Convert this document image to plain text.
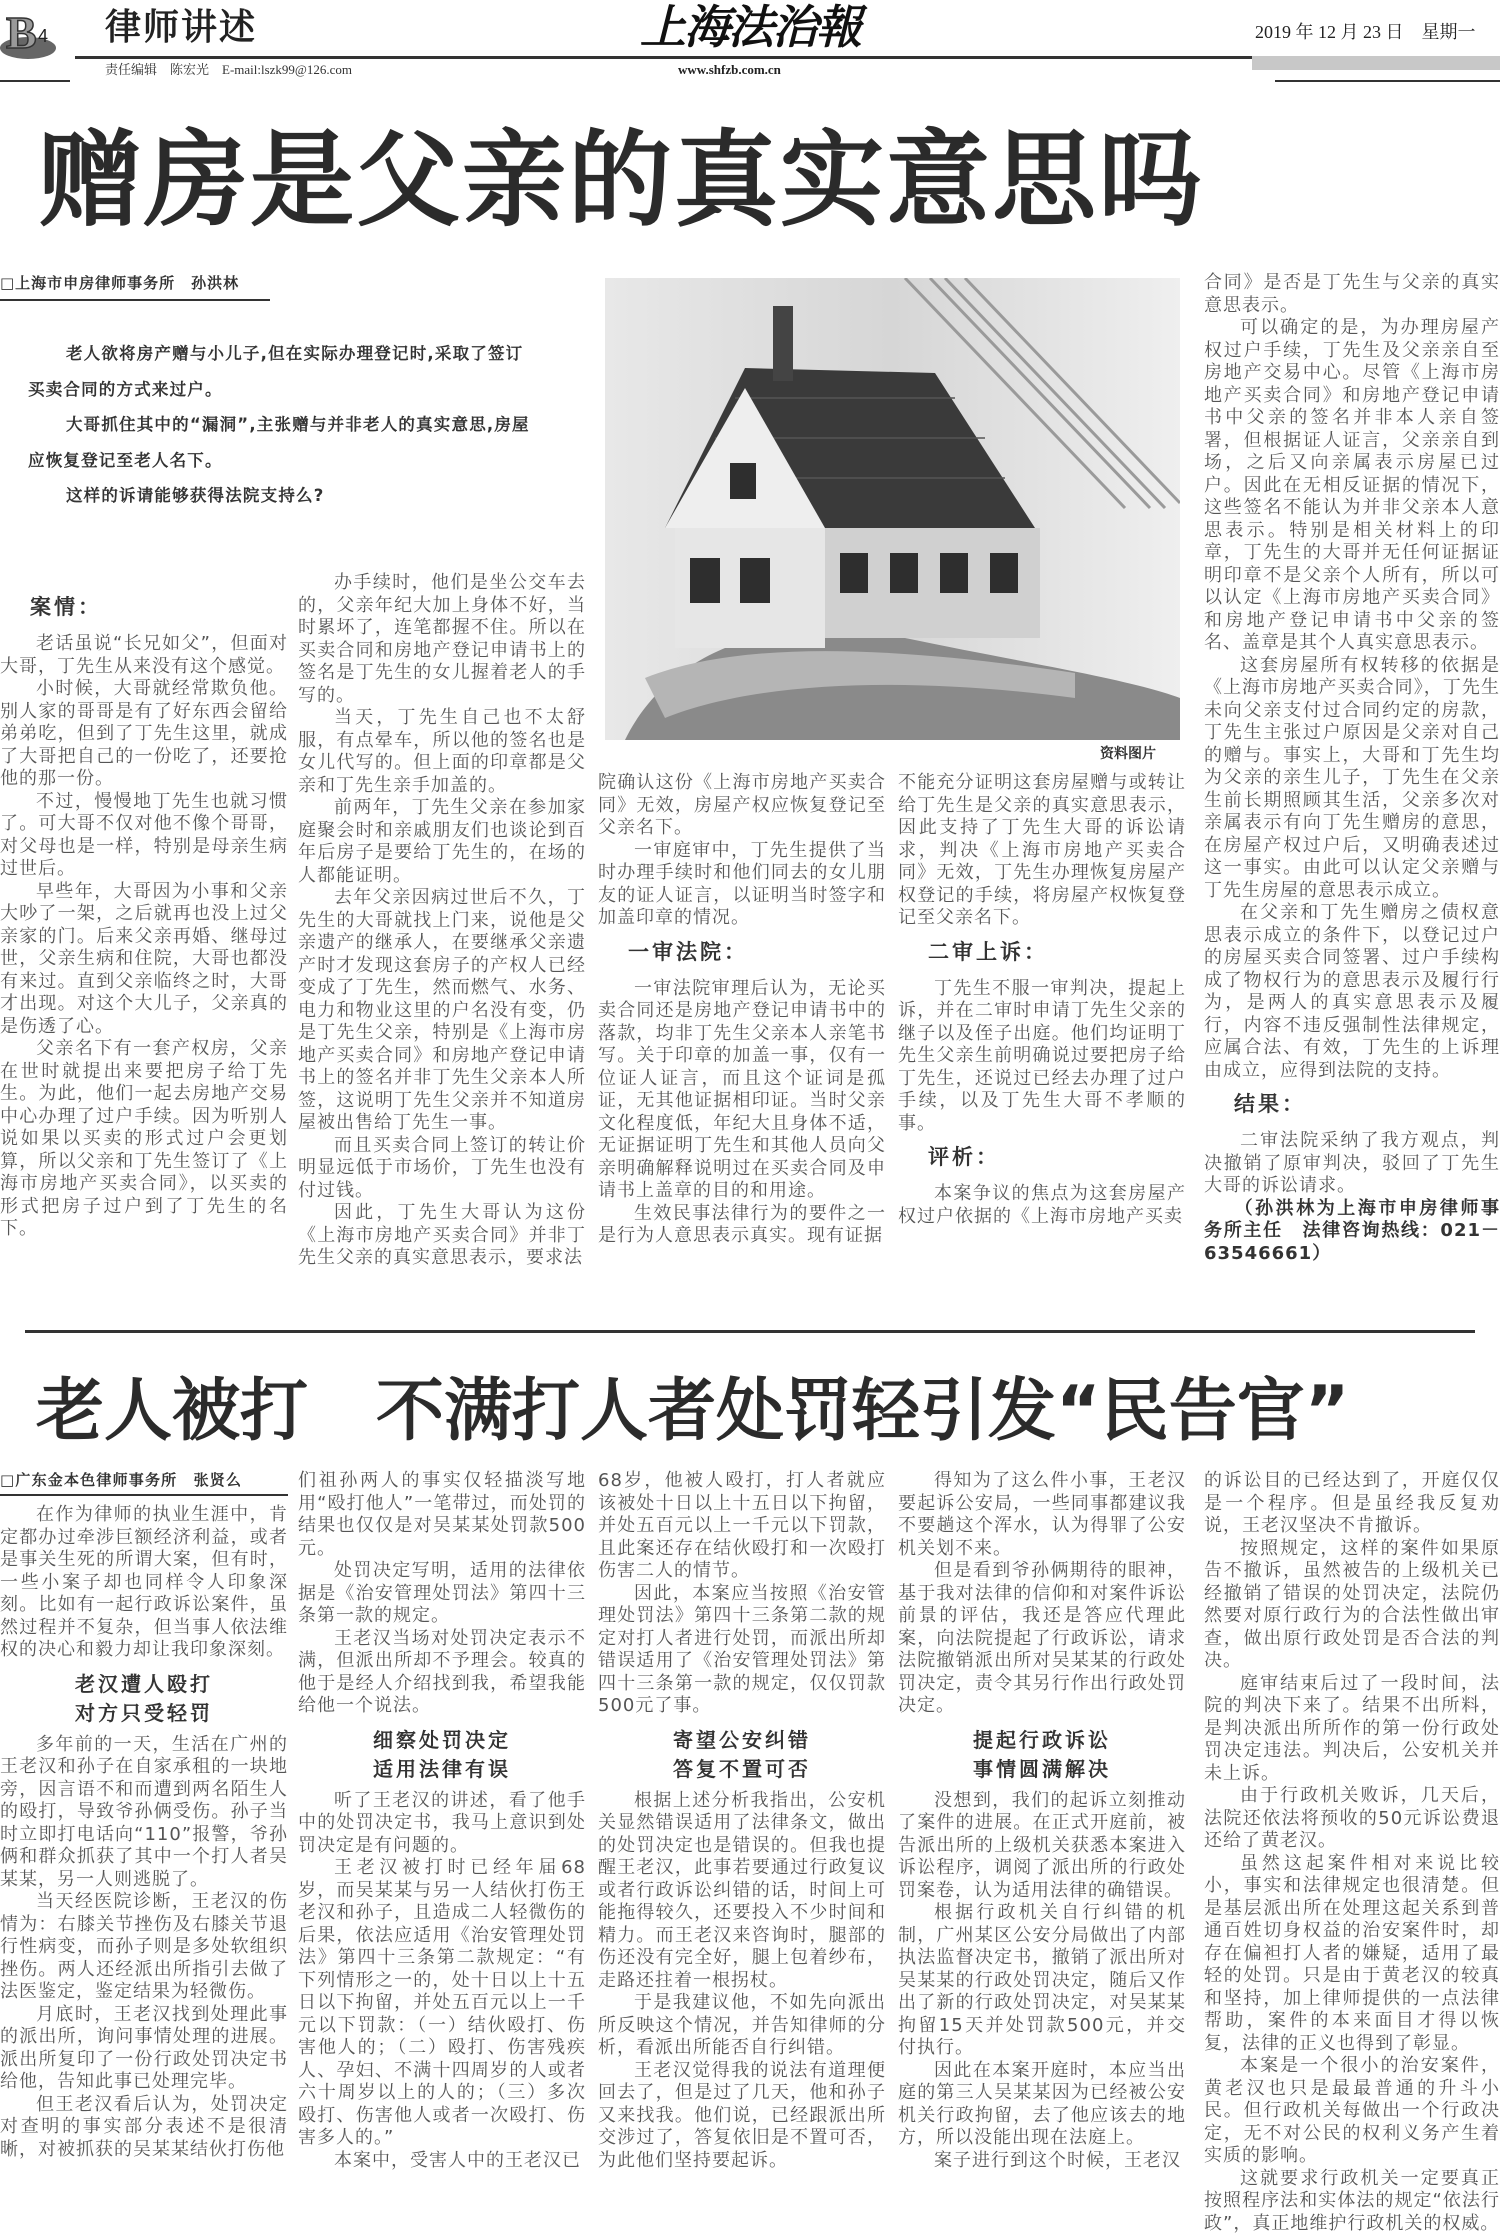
B 4 律师讲述	上海法治報	2019 年 12 月 23 日　星期一
责任编辑　陈宏光　E-mail:lszk99@126.com	www.shfzb.com.cn
赠房是父亲的真实意思吗
□上海市申房律师事务所　孙洪林

老人欲将房产赠与小儿子,但在实际办理登记时,采取了签订

买卖合同的方式来过户。

大哥抓住其中的“漏洞”,主张赠与并非老人的真实意思,房屋

应恢复登记至老人名下。

这样的诉请能够获得法院支持么?

资料图片
案情：

老话虽说“长兄如父”，但面对大哥，丁先生从来没有这个感觉。

小时候，大哥就经常欺负他。别人家的哥哥是有了好东西会留给弟弟吃，但到了丁先生这里，就成了大哥把自己的一份吃了，还要抢他的那一份。

不过，慢慢地丁先生也就习惯了。可大哥不仅对他不像个哥哥，对父母也是一样，特别是母亲生病过世后。

早些年，大哥因为小事和父亲大吵了一架，之后就再也没上过父亲家的门。后来父亲再婚、继母过世，父亲生病和住院，大哥也都没有来过。直到父亲临终之时，大哥才出现。对这个大儿子，父亲真的是伤透了心。

父亲名下有一套产权房，父亲在世时就提出来要把房子给丁先生。为此，他们一起去房地产交易中心办理了过户手续。因为听别人说如果以买卖的形式过户会更划算，所以父亲和丁先生签订了《上海市房地产买卖合同》，以买卖的形式把房子过户到了丁先生的名下。

办手续时，他们是坐公交车去的，父亲年纪大加上身体不好，当时累坏了，连笔都握不住。所以在买卖合同和房地产登记申请书上的签名是丁先生的女儿握着老人的手写的。

当天，丁先生自己也不太舒服，有点晕车，所以他的签名也是女儿代写的。但上面的印章都是父亲和丁先生亲手加盖的。

前两年，丁先生父亲在参加家庭聚会时和亲戚朋友们也谈论到百年后房子是要给丁先生的，在场的人都能证明。

去年父亲因病过世后不久，丁先生的大哥就找上门来，说他是父亲遗产的继承人，在要继承父亲遗产时才发现这套房子的产权人已经变成了丁先生，然而燃气、水务、电力和物业这里的户名没有变，仍是丁先生父亲，特别是《上海市房地产买卖合同》和房地产登记申请书上的签名并非丁先生父亲本人所签，这说明丁先生父亲并不知道房屋被出售给丁先生一事。

而且买卖合同上签订的转让价明显远低于市场价，丁先生也没有付过钱。

因此，丁先生大哥认为这份《上海市房地产买卖合同》并非丁先生父亲的真实意思表示，要求法

院确认这份《上海市房地产买卖合同》无效，房屋产权应恢复登记至父亲名下。

一审庭审中，丁先生提供了当时办理手续时和他们同去的女儿朋友的证人证言，以证明当时签字和加盖印章的情况。

一审法院：

一审法院审理后认为，无论买卖合同还是房地产登记申请书中的落款，均非丁先生父亲本人亲笔书写。关于印章的加盖一事，仅有一位证人证言，而且这个证词是孤证，无其他证据相印证。当时父亲文化程度低，年纪大且身体不适，无证据证明丁先生和其他人员向父亲明确解释说明过在买卖合同及申请书上盖章的目的和用途。

生效民事法律行为的要件之一是行为人意思表示真实。现有证据

不能充分证明这套房屋赠与或转让给丁先生是父亲的真实意思表示，因此支持了丁先生大哥的诉讼请求，判决《上海市房地产买卖合同》无效，丁先生办理恢复房屋产权登记的手续，将房屋产权恢复登记至父亲名下。

二审上诉：

丁先生不服一审判决，提起上诉，并在二审时申请丁先生父亲的继子以及侄子出庭。他们均证明丁先生父亲生前明确说过要把房子给丁先生，还说过已经去办理了过户手续，以及丁先生大哥不孝顺的事。

评析：

本案争议的焦点为这套房屋产权过户依据的《上海市房地产买卖

合同》是否是丁先生与父亲的真实意思表示。

可以确定的是，为办理房屋产权过户手续，丁先生及父亲亲自至房地产交易中心。尽管《上海市房地产买卖合同》和房地产登记申请书中父亲的签名并非本人亲自签署，但根据证人证言，父亲亲自到场，之后又向亲属表示房屋已过户。因此在无相反证据的情况下，这些签名不能认为并非父亲本人意思表示。特别是相关材料上的印章，丁先生的大哥并无任何证据证明印章不是父亲个人所有，所以可以认定《上海市房地产买卖合同》和房地产登记申请书中父亲的签名、盖章是其个人真实意思表示。

这套房屋所有权转移的依据是《上海市房地产买卖合同》，丁先生未向父亲支付过合同约定的房款，丁先生主张过户原因是父亲对自己的赠与。事实上，大哥和丁先生均为父亲的亲生儿子，丁先生在父亲生前长期照顾其生活，父亲多次对亲属表示有向丁先生赠房的意思，在房屋产权过户后，又明确表述过这一事实。由此可以认定父亲赠与丁先生房屋的意思表示成立。

在父亲和丁先生赠房之债权意思表示成立的条件下，以登记过户的房屋买卖合同签署、过户手续构成了物权行为的意思表示及履行行为，是两人的真实意思表示及履行，内容不违反强制性法律规定，应属合法、有效，丁先生的上诉理由成立，应得到法院的支持。

结果：

二审法院采纳了我方观点，判决撤销了原审判决，驳回了丁先生大哥的诉讼请求。

（孙洪林为上海市申房律师事务所主任　法律咨询热线：021－63546661）

老人被打　不满打人者处罚轻引发“民告官”
□广东金本色律师事务所　张贤么

在作为律师的执业生涯中，肯定都办过牵涉巨额经济利益，或者是事关生死的所谓大案，但有时，一些小案子却也同样令人印象深刻。比如有一起行政诉讼案件，虽然过程并不复杂，但当事人依法维权的决心和毅力却让我印象深刻。

老汉遭人殴打
对方只受轻罚

多年前的一天，生活在广州的王老汉和孙子在自家承租的一块地旁，因言语不和而遭到两名陌生人的殴打，导致爷孙俩受伤。孙子当时立即打电话向“110”报警，爷孙俩和群众抓获了其中一个打人者吴某某，另一人则逃脱了。

当天经医院诊断，王老汉的伤情为：右膝关节挫伤及右膝关节退行性病变，而孙子则是多处软组织挫伤。两人还经派出所指引去做了法医鉴定，鉴定结果为轻微伤。

月底时，王老汉找到处理此事的派出所，询问事情处理的进展。派出所复印了一份行政处罚决定书给他，告知此事已处理完毕。

但王老汉看后认为，处罚决定对查明的事实部分表述不是很清晰，对被抓获的吴某某结伙打伤他

们祖孙两人的事实仅轻描淡写地用“殴打他人”一笔带过，而处罚的结果也仅仅是对吴某某处罚款500元。

处罚决定写明，适用的法律依据是《治安管理处罚法》第四十三条第一款的规定。

王老汉当场对处罚决定表示不满，但派出所却不予理会。较真的他于是经人介绍找到我，希望我能给他一个说法。

细察处罚决定
适用法律有误

听了王老汉的讲述，看了他手中的处罚决定书，我马上意识到处罚决定是有问题的。

王老汉被打时已经年届68岁，而吴某某与另一人结伙打伤王老汉和孙子，且造成二人轻微伤的后果，依法应适用《治安管理处罚法》第四十三条第二款规定：“有下列情形之一的，处十日以上十五日以下拘留，并处五百元以上一千元以下罚款：（一）结伙殴打、伤害他人的；（二）殴打、伤害残疾人、孕妇、不满十四周岁的人或者六十周岁以上的人的；（三）多次殴打、伤害他人或者一次殴打、伤害多人的。”

本案中，受害人中的王老汉已

68岁，他被人殴打，打人者就应该被处十日以上十五日以下拘留，并处五百元以上一千元以下罚款，且此案还存在结伙殴打和一次殴打伤害二人的情节。

因此，本案应当按照《治安管理处罚法》第四十三条第二款的规定对打人者进行处罚，而派出所却错误适用了《治安管理处罚法》第四十三条第一款的规定，仅仅罚款500元了事。

寄望公安纠错
答复不置可否

根据上述分析我指出，公安机关显然错误适用了法律条文，做出的处罚决定也是错误的。但我也提醒王老汉，此事若要通过行政复议或者行政诉讼纠错的话，时间上可能拖得较久，还要投入不少时间和精力。而王老汉来咨询时，腿部的伤还没有完全好，腿上包着纱布，走路还拄着一根拐杖。

于是我建议他，不如先向派出所反映这个情况，并告知律师的分析，看派出所能否自行纠错。

王老汉觉得我的说法有道理便回去了，但是过了几天，他和孙子又来找我。他们说，已经跟派出所交涉过了，答复依旧是不置可否，为此他们坚持要起诉。

得知为了这么件小事，王老汉要起诉公安局，一些同事都建议我不要趟这个浑水，认为得罪了公安机关划不来。

但是看到爷孙俩期待的眼神，基于我对法律的信仰和对案件诉讼前景的评估，我还是答应代理此案，向法院提起了行政诉讼，请求法院撤销派出所对吴某某的行政处罚决定，责令其另行作出行政处罚决定。

提起行政诉讼
事情圆满解决

没想到，我们的起诉立刻推动了案件的进展。在正式开庭前，被告派出所的上级机关获悉本案进入诉讼程序，调阅了派出所的行政处罚案卷，认为适用法律的确错误。

根据行政机关自行纠错的机制，广州某区公安分局做出了内部执法监督决定书，撤销了派出所对吴某某的行政处罚决定，随后又作出了新的行政处罚决定，对吴某某拘留15天并处罚款500元，并交付执行。

因此在本案开庭时，本应当出庭的第三人吴某某因为已经被公安机关行政拘留，去了他应该去的地方，所以没能出现在法庭上。

案子进行到这个时候，王老汉

的诉讼目的已经达到了，开庭仅仅是一个程序。但是虽经我反复劝说，王老汉坚决不肯撤诉。

按照规定，这样的案件如果原告不撤诉，虽然被告的上级机关已经撤销了错误的处罚决定，法院仍然要对原行政行为的合法性做出审查，做出原行政处罚是否合法的判决。

庭审结束后过了一段时间，法院的判决下来了。结果不出所料，是判决派出所所作的第一份行政处罚决定违法。判决后，公安机关并未上诉。

由于行政机关败诉，几天后，法院还依法将预收的50元诉讼费退还给了黄老汉。

虽然这起案件相对来说比较小，事实和法律规定也很清楚。但是基层派出所在处理这起关系到普通百姓切身权益的治安案件时，却存在偏袒打人者的嫌疑，适用了最轻的处罚。只是由于黄老汉的较真和坚持，加上律师提供的一点法律帮助，案件的本来面目才得以恢复，法律的正义也得到了彰显。

本案是一个很小的治安案件，黄老汉也只是最最普通的升斗小民。但行政机关每做出一个行政决定，无不对公民的权利义务产生着实质的影响。

这就要求行政机关一定要真正按照程序法和实体法的规定“依法行政”，真正地维护行政机关的权威。
